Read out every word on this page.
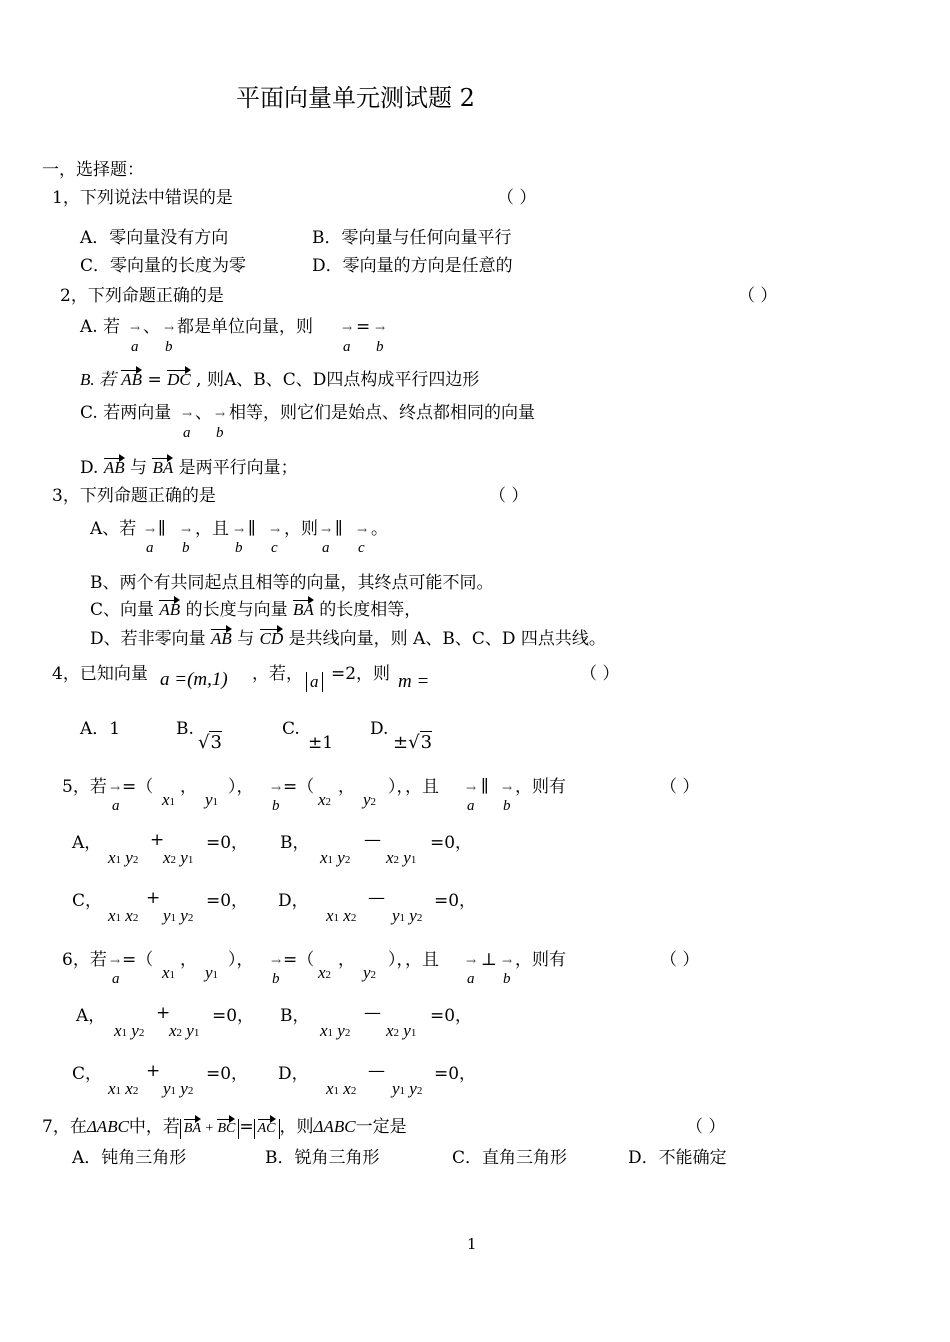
平面向量单元测试题 2
一，选择题：
1，下列说法中错误的是	（ ）
A．零向量没有方向	B．零向量与任何向量平行
C．零向量的长度为零	D．零向量的方向是任意的
2，下列命题正确的是	（ ）
A. 若 →
a
、 →
b
都是单位向量，则 →
a
= →
b
B. 若 AB = DC , 则A、B、C、D四点构成平行四边形
C. 若两向量 →
a
、 →
b
相等，则它们是始点、终点都相同的向量
D. AB 与 BA 是两平行向量；
3，下列命题正确的是	（ ）
A、若 →
a
∥ →
b
，且 →
b
∥ →
c
，则 →
a
∥ →
c
。
B、两个有共同起点且相等的向量，其终点可能不同。
C、向量 AB 的长度与向量 BA 的长度相等，
D、若非零向量 AB 与 CD 是共线向量，则 A、B、C、D 四点共线。
4，已知向量 a =(m,1) ，若， a =2，则 m =	（ ）
A．1	B.
√3
C.
±1
D.
±√3
5，若 →
a
=（
x1
，
y1
）， →
b
=（
x2
，
y2
），，且 →
a
∥ →
b
，则有	（ ）
A，
x1 y2
+
x2 y1
=0， B，
x1 y2
—
x2 y1
=0，
C，
x1 x2
+
y1 y2
=0， D，
x1 x2
—
y1 y2
=0，
6，若 →
a
=（
x1
，
y1
）， →
b
=（
x2
，
y2
），，且 →
a
⊥ →
b
，则有	（ ）
A，
x1 y2
+
x2 y1
=0， B，
x1 y2
—
x2 y1
=0，
C，
x1 x2
+
y1 y2
=0， D，
x1 x2
—
y1 y2
=0，
7，在ΔABC中，若 BA + BC = AC ，则ΔABC一定是	（ ）
A．钝角三角形	B．锐角三角形	C．直角三角形	D．不能确定
1
